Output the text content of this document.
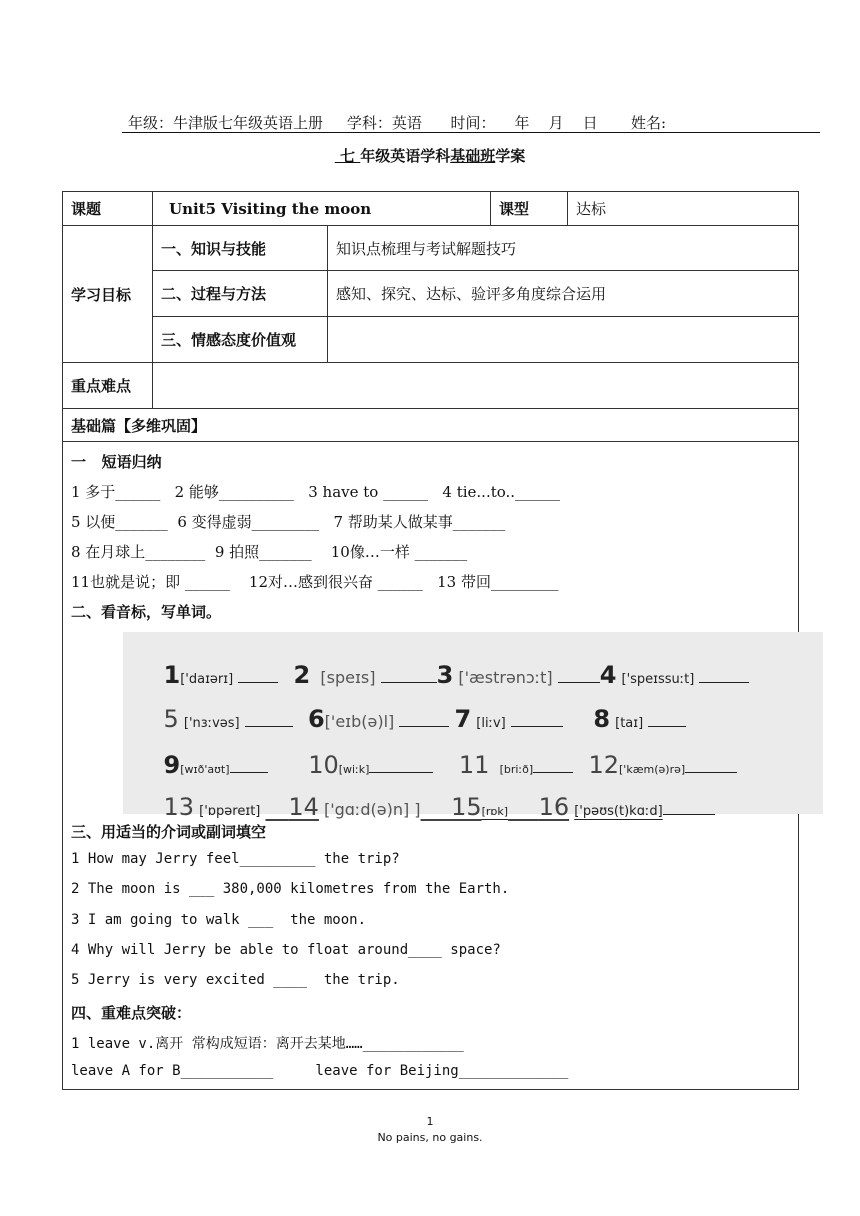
年级：牛津版七年级英语上册     学科：英语      时间：    年    月    日       姓名:
七 年级英语学科基础班学案
课题	Unit5 Visiting the moon		课型	达标
学习目标	一、知识与技能	知识点梳理与考试解题技巧		
	二、过程与方法	感知、探究、达标、验评多角度综合运用		
	三、情感态度价值观			
重点难点				
基础篇【多维巩固】				
一   短语归纳
1 多于______   2 能够__________   3 have to ______   4 tie...to..______
5 以便_______  6 变得虚弱_________   7 帮助某人做某事_______
8 在月球上________  9 拍照_______    10像…一样 _______
11也就是说；即 ______    12对…感到很兴奋 ______   13 带回_________
二、看音标，写单词。

1['daɪərɪ]	2 [speɪs]	3 ['æstrənɔːt] 4 ['speɪssuːt]

5 ['nɜːvəs]	6['eɪb(ə)l]	7 [liːv]	8 [taɪ]

9[wɪð'aʊt]	10[wiːk]	11 [briːð] 12['kæm(ə)rə]

13 ['ɒpəreɪt] 14 ['gɑːd(ə)n] ] 15[rɒk] 16 ['pəʊs(t)kɑːd]

三、用适当的介词或副词填空
1 How may Jerry feel_________ the trip?
2 The moon is ___ 380,000 kilometres from the Earth.
3 I am going to walk ___  the moon.
4 Why will Jerry be able to float around____ space?
5 Jerry is very excited ____  the trip.
四、重难点突破：
1 leave v.离开 常构成短语：离开去某地……____________
leave A for B___________     leave for Beijing_____________
1
No pains, no gains.
